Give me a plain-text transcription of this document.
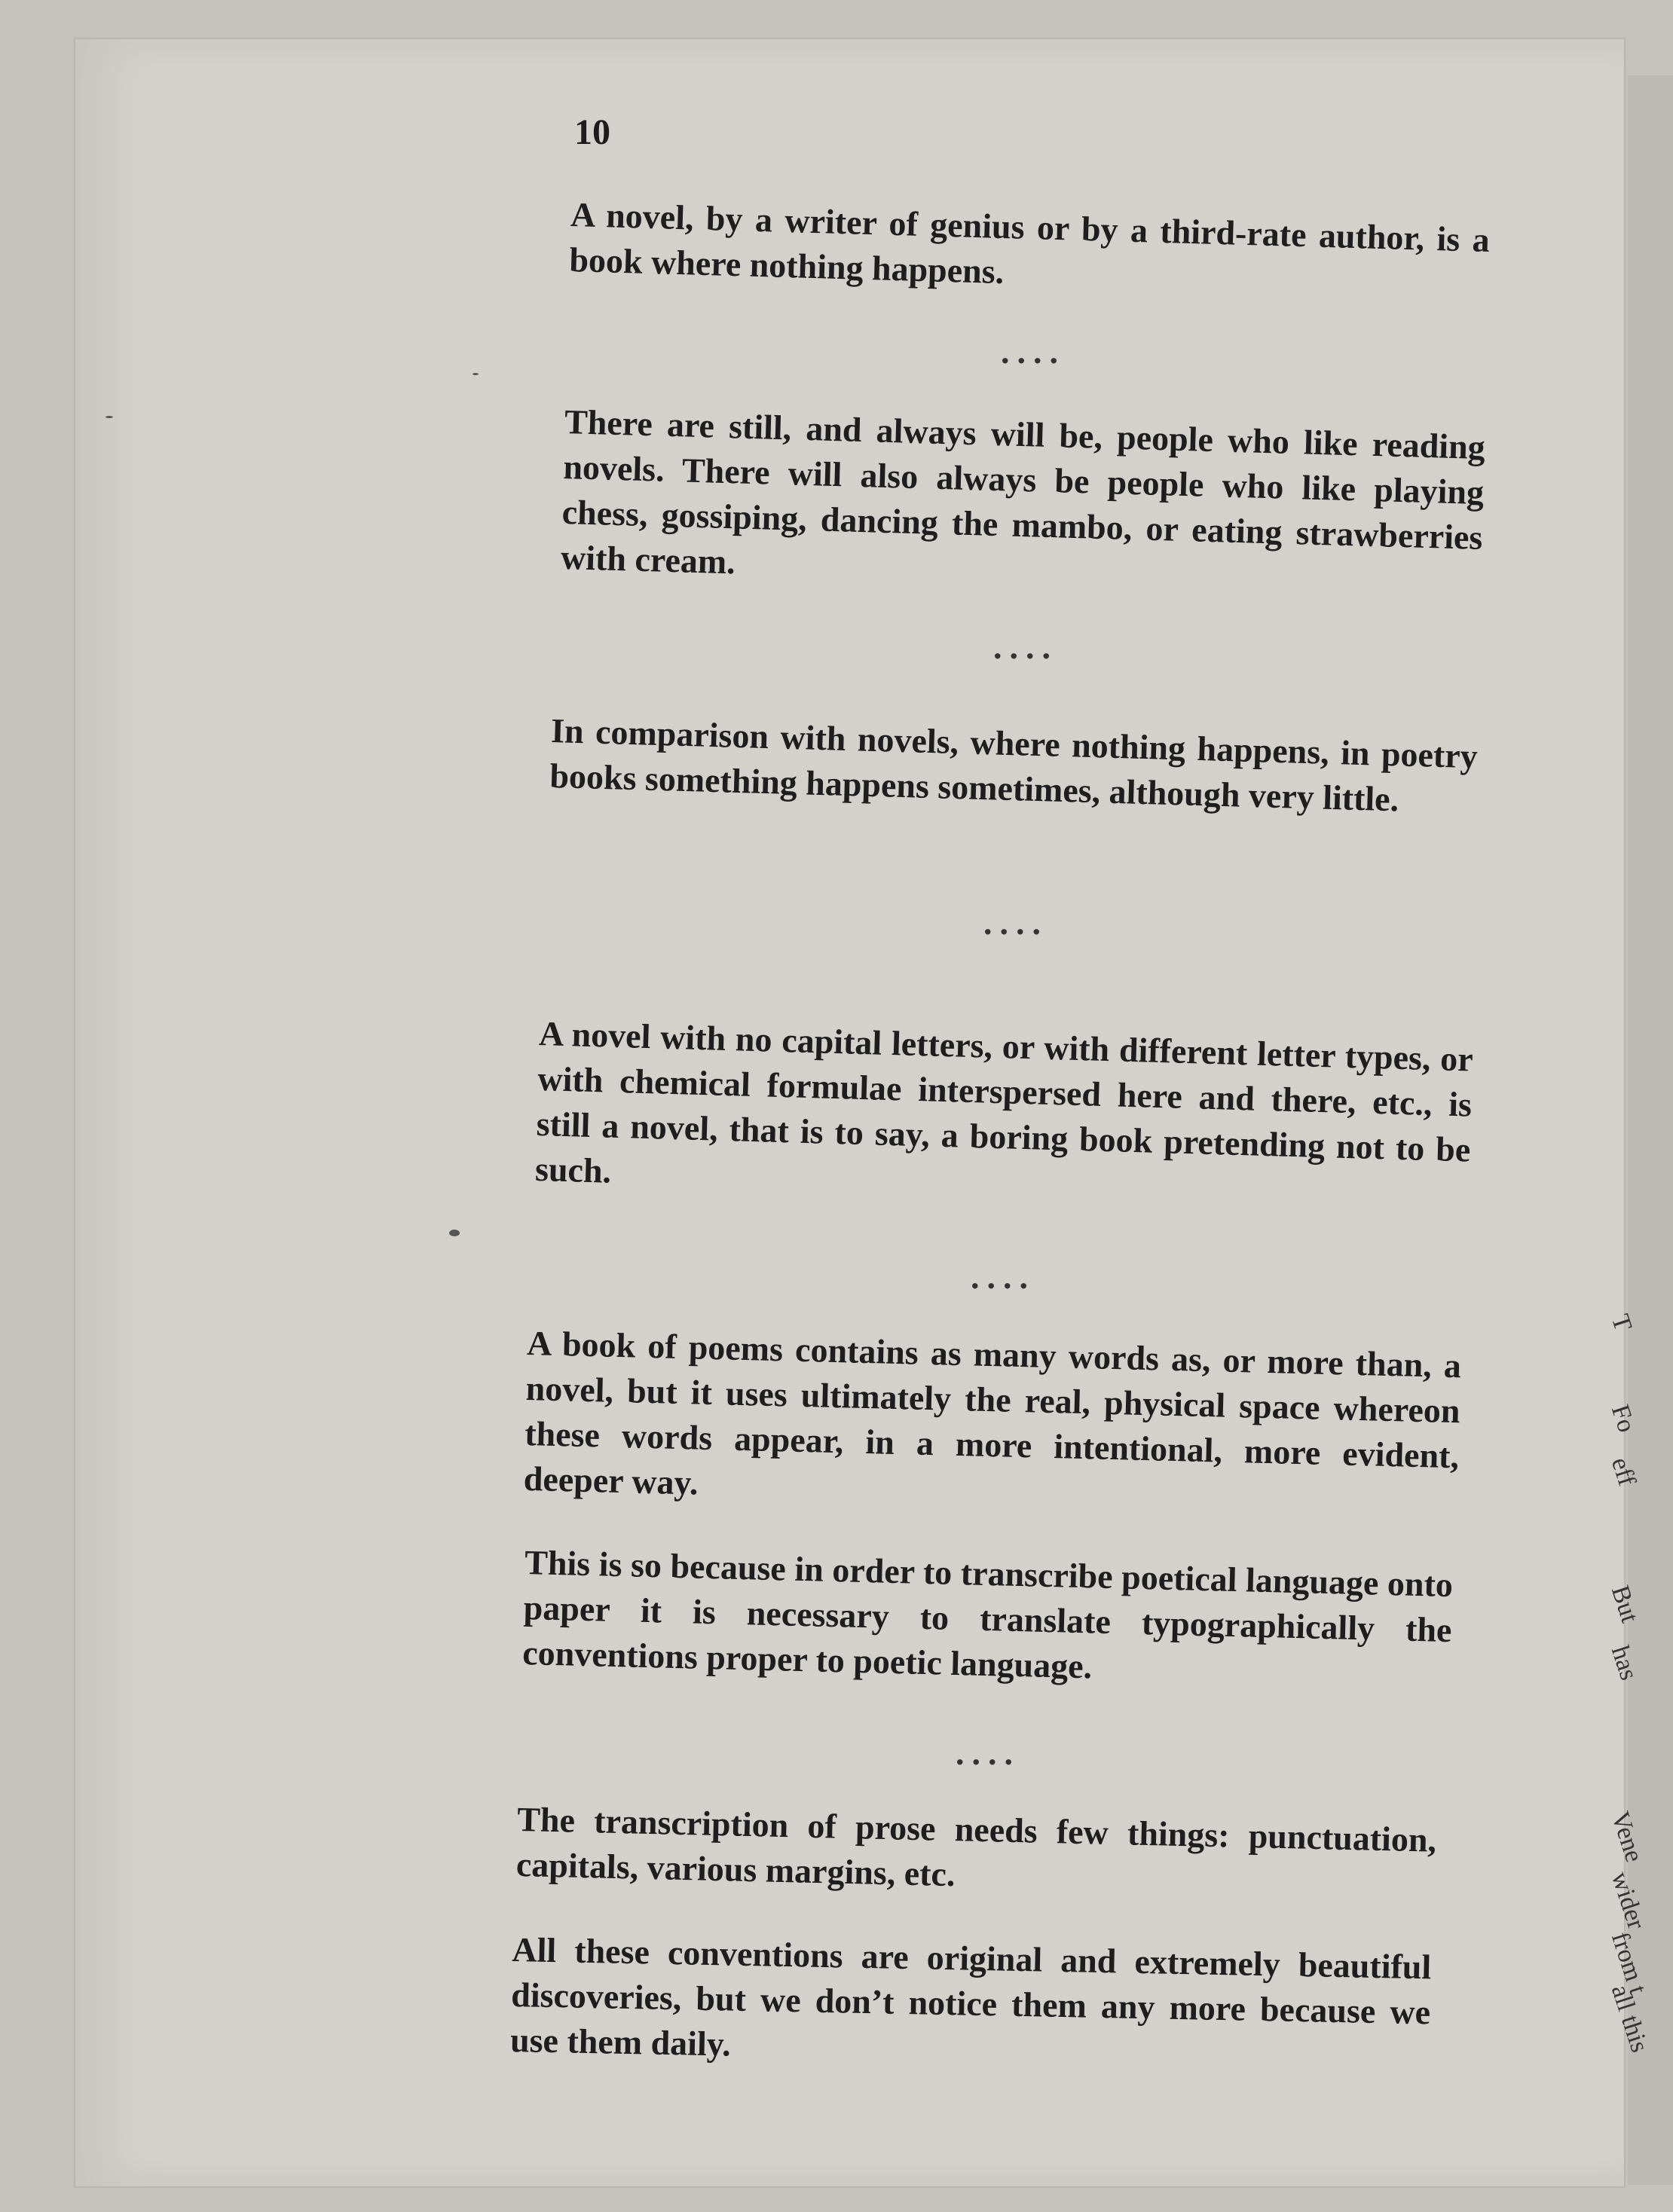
T
Fo
eff
But
has
Vene
wider
from t
all this
10

A novel, by a writer of genius or by a third-rate author, is a book where nothing happens.

....

There are still, and always will be, people who like reading novels. There will also always be people who like playing chess, gossiping, dancing the mambo, or eating strawberries with cream.

....

In comparison with novels, where nothing happens, in poetry books something happens sometimes, although very little.

....

A novel with no capital letters, or with different letter types, or with chemical formulae interspersed here and there, etc., is still a novel, that is to say, a boring book pretending not to be such.

....

A book of poems contains as many words as, or more than, a novel, but it uses ultimately the real, physical space whereon these words appear, in a more intentional, more evident, deeper way.

This is so because in order to transcribe poetical language onto paper it is necessary to translate typographically the conventions proper to poetic language.

....

The transcription of prose needs few things: punctuation, capitals, various margins, etc.

All these conventions are original and extremely beautiful discoveries, but we don’t notice them any more because we use them daily.
